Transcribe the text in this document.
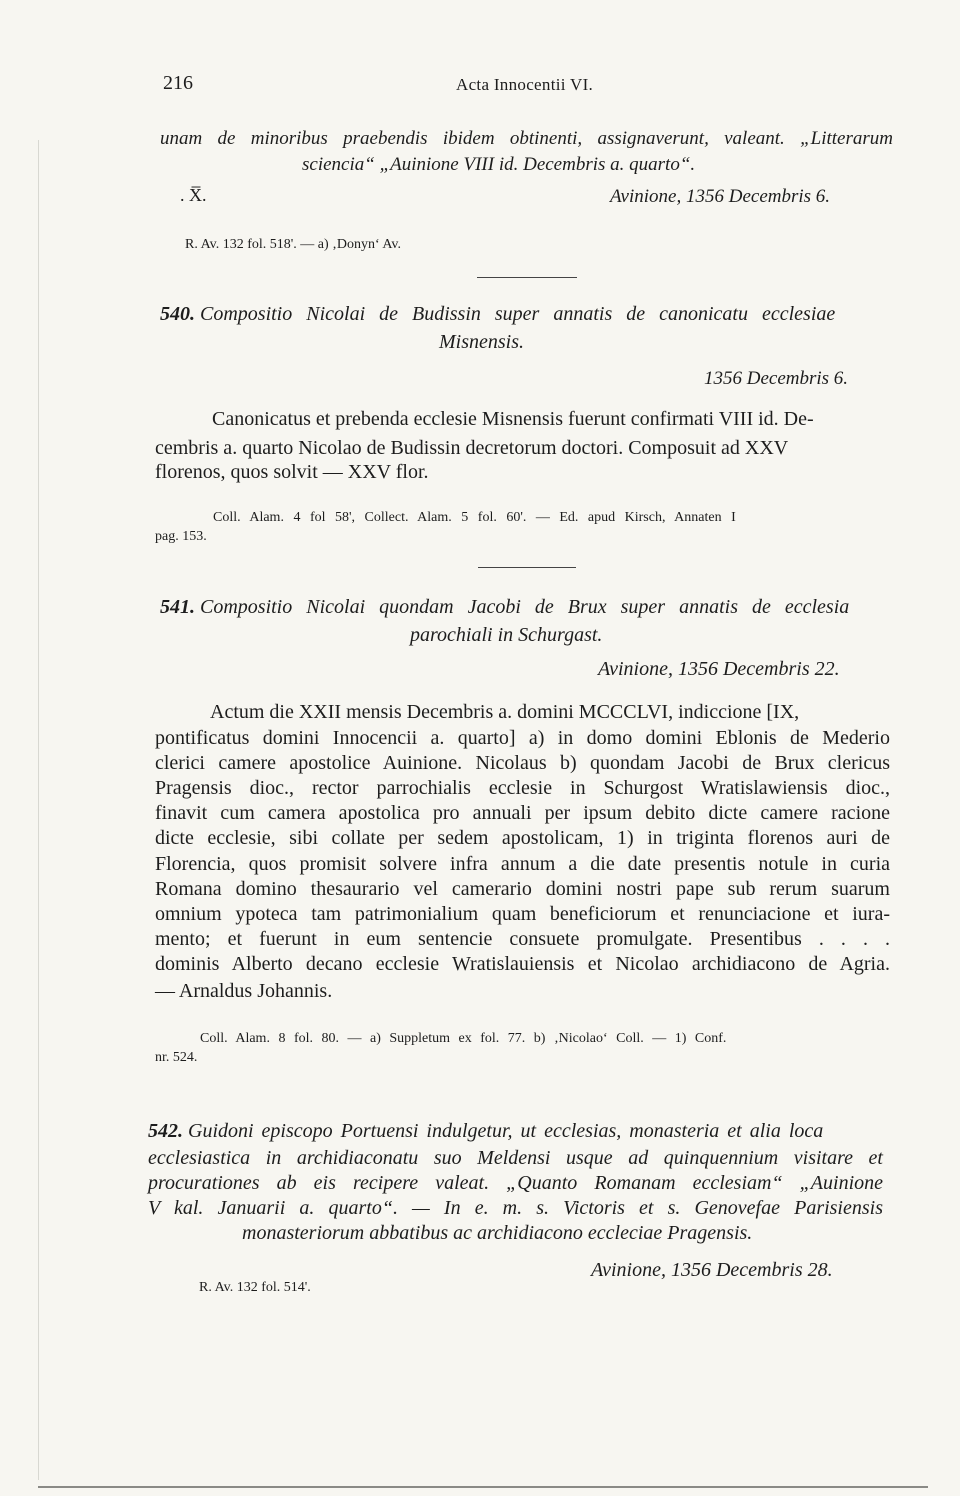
216	Acta Innocentii VI.
unam de minoribus praebendis ibidem obtinenti, assignaverunt, valeant. „Litterarum
sciencia“ „Auinione VIII id. Decembris a. quarto“.
. X̅.	Avinione, 1356 Decembris 6.
R. Av. 132 fol. 518'. — a) ‚Donyn‘ Av.
540. Compositio Nicolai de Budissin super annatis de canonicatu ecclesiae
Misnensis.
1356 Decembris 6.
Canonicatus et prebenda ecclesie Misnensis fuerunt confirmati VIII id. De-
cembris a. quarto Nicolao de Budissin decretorum doctori. Composuit ad XXV
florenos, quos solvit — XXV flor.
Coll. Alam. 4 fol 58', Collect. Alam. 5 fol. 60'. — Ed. apud Kirsch, Annaten I
pag. 153.
541. Compositio Nicolai quondam Jacobi de Brux super annatis de ecclesia
parochiali in Schurgast.
Avinione, 1356 Decembris 22.
Actum die XXII mensis Decembris a. domini MCCCLVI, indiccione [IX,
pontificatus domini Innocencii a. quarto] a) in domo domini Eblonis de Mederio
clerici camere apostolice Auinione. Nicolaus b) quondam Jacobi de Brux clericus
Pragensis dioc., rector parrochialis ecclesie in Schurgost Wratislawiensis dioc.,
finavit cum camera apostolica pro annuali per ipsum debito dicte camere racione
dicte ecclesie, sibi collate per sedem apostolicam, 1) in triginta florenos auri de
Florencia, quos promisit solvere infra annum a die date presentis notule in curia
Romana domino thesaurario vel camerario domini nostri pape sub rerum suarum
omnium ypoteca tam patrimonialium quam beneficiorum et renunciacione et iura-
mento; et fuerunt in eum sentencie consuete promulgate. Presentibus . . . .
dominis Alberto decano ecclesie Wratislauiensis et Nicolao archidiacono de Agria.
— Arnaldus Johannis.
Coll. Alam. 8 fol. 80. — a) Suppletum ex fol. 77. b) ‚Nicolao‘ Coll. — 1) Conf.
nr. 524.
542. Guidoni episcopo Portuensi indulgetur, ut ecclesias, monasteria et alia loca
ecclesiastica in archidiaconatu suo Meldensi usque ad quinquennium visitare et
procurationes ab eis recipere valeat. „Quanto Romanam ecclesiam“ „Auinione
V kal. Januarii a. quarto“. — In e. m. s. Victoris et s. Genovefae Parisiensis
monasteriorum abbatibus ac archidiacono eccleciae Pragensis.
Avinione, 1356 Decembris 28.
R. Av. 132 fol. 514'.
